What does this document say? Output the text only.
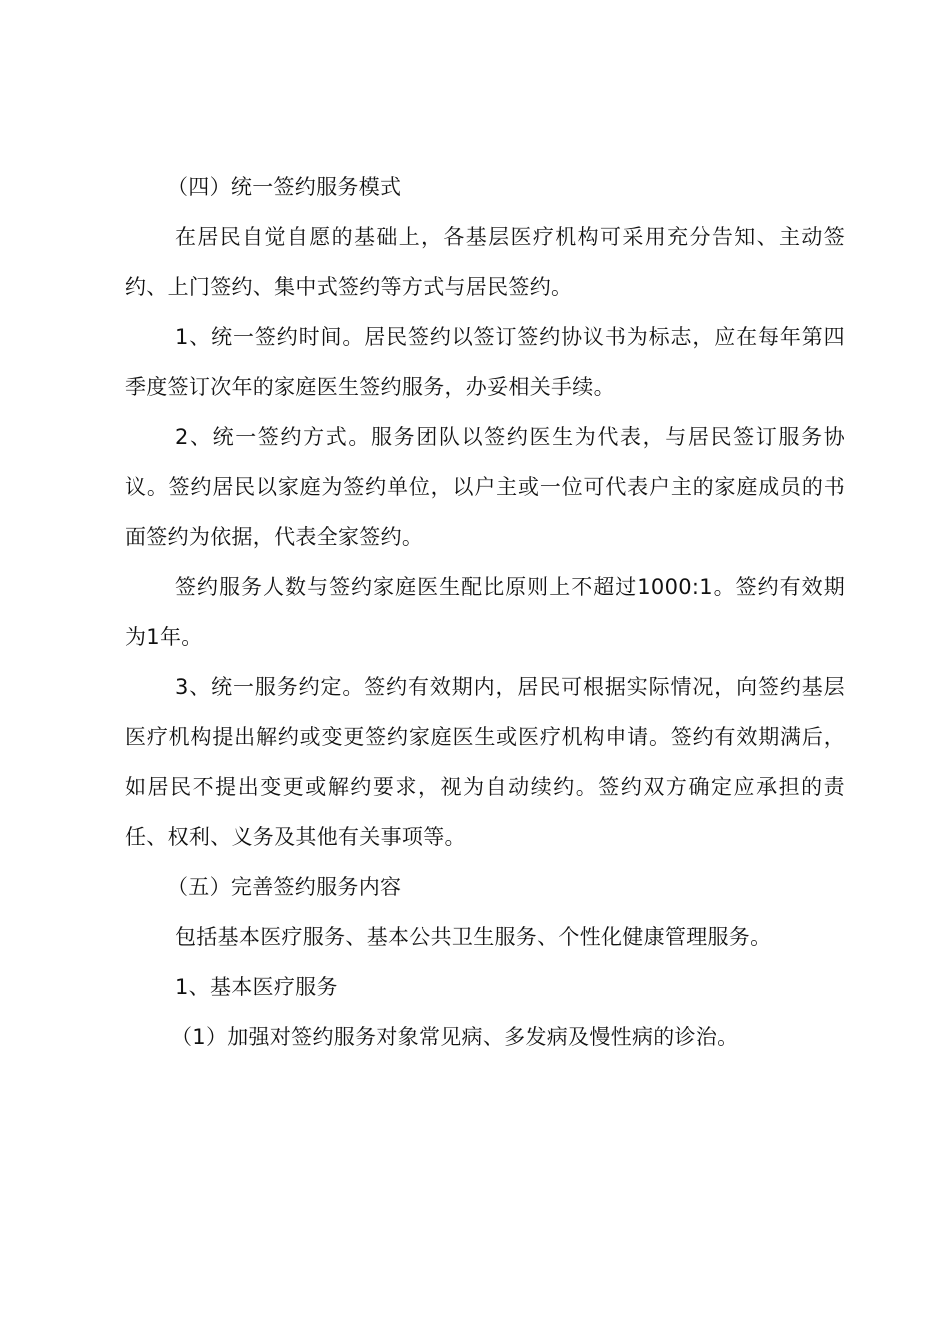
（四）统一签约服务模式

在居民自觉自愿的基础上，各基层医疗机构可采用充分告知、主动签约、上门签约、集中式签约等方式与居民签约。

1、统一签约时间。居民签约以签订签约协议书为标志，应在每年第四季度签订次年的家庭医生签约服务，办妥相关手续。

2、统一签约方式。服务团队以签约医生为代表，与居民签订服务协议。签约居民以家庭为签约单位，以户主或一位可代表户主的家庭成员的书面签约为依据，代表全家签约。

签约服务人数与签约家庭医生配比原则上不超过1000:1。签约有效期为1年。

3、统一服务约定。签约有效期内，居民可根据实际情况，向签约基层医疗机构提出解约或变更签约家庭医生或医疗机构申请。签约有效期满后，如居民不提出变更或解约要求，视为自动续约。签约双方确定应承担的责任、权利、义务及其他有关事项等。

（五）完善签约服务内容

包括基本医疗服务、基本公共卫生服务、个性化健康管理服务。

1、基本医疗服务

（1）加强对签约服务对象常见病、多发病及慢性病的诊治。
